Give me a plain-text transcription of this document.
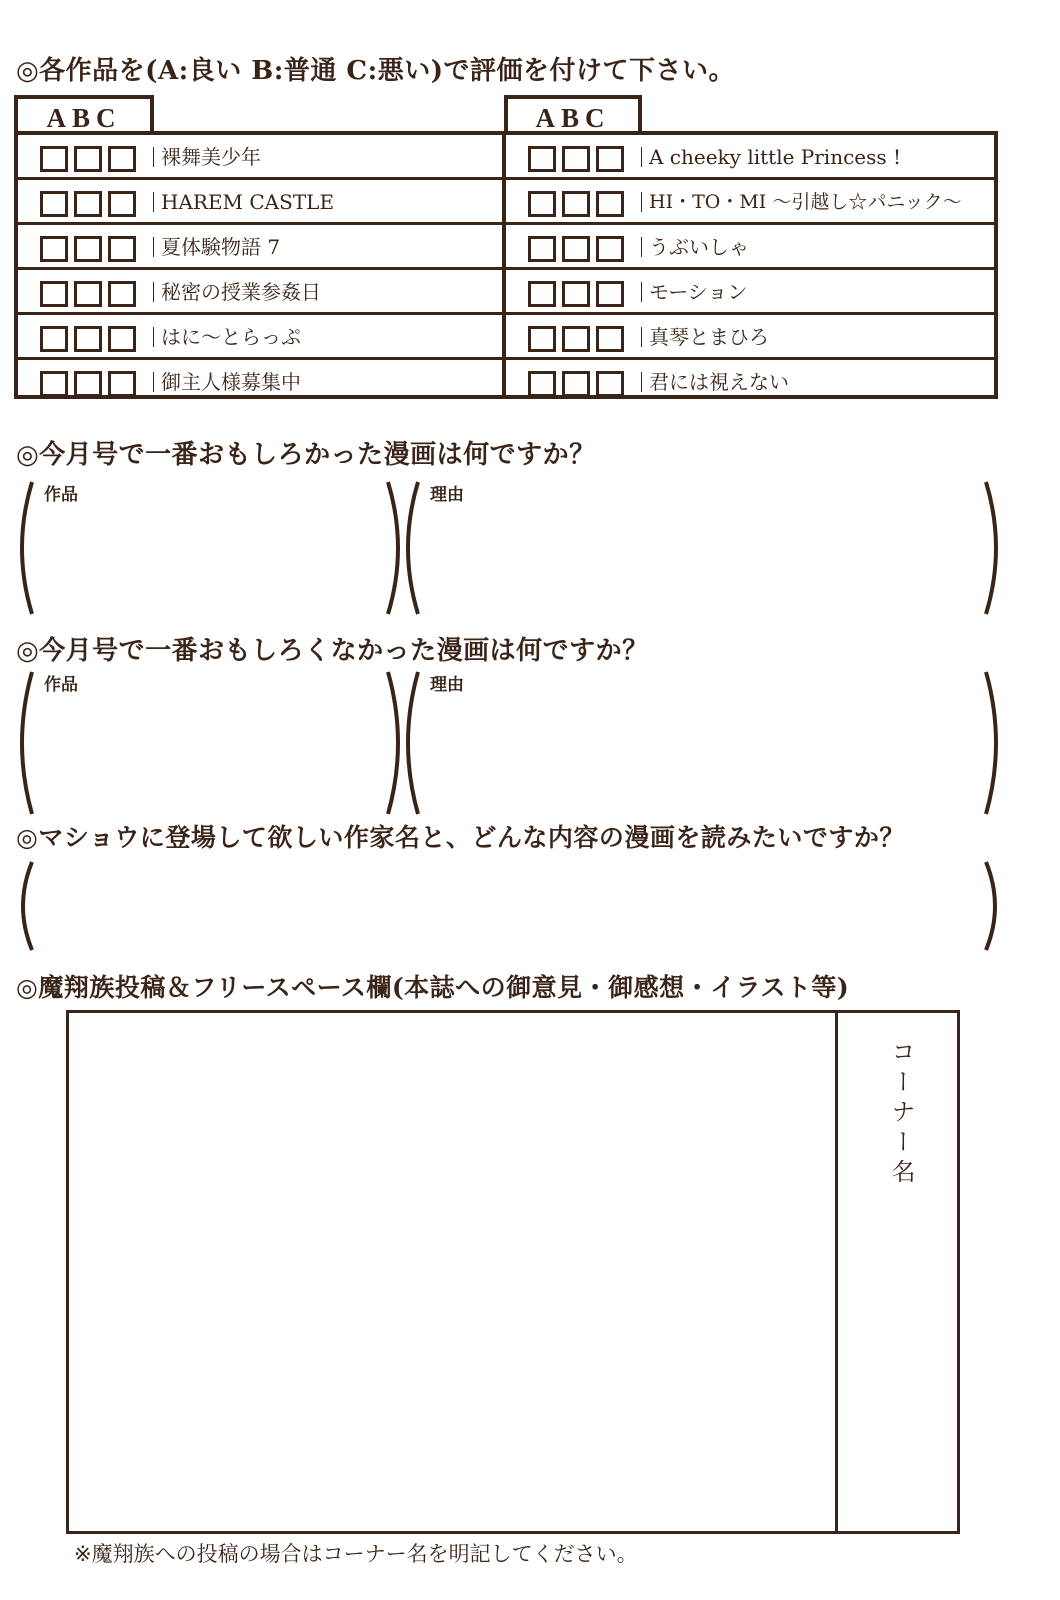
◎各作品を(A:良い B:普通 C:悪い)で評価を付けて下さい。
ABC	ABC
裸舞美少年
HAREM CASTLE
夏体験物語 7
秘密の授業参姦日
はに〜とらっぷ
御主人様募集中
A cheeky little Princess !
HI・TO・MI 〜引越し☆パニック〜
うぶいしゃ
モーション
真琴とまひろ
君には視えない
◎今月号で一番おもしろかった漫画は何ですか？
作品	理由
◎今月号で一番おもしろくなかった漫画は何ですか？
作品	理由
◎マショウに登場して欲しい作家名と、どんな内容の漫画を読みたいですか？
◎魔翔族投稿＆フリースペース欄(本誌への御意見・御感想・イラスト等)
コーナー名
※魔翔族への投稿の場合はコーナー名を明記してください。
